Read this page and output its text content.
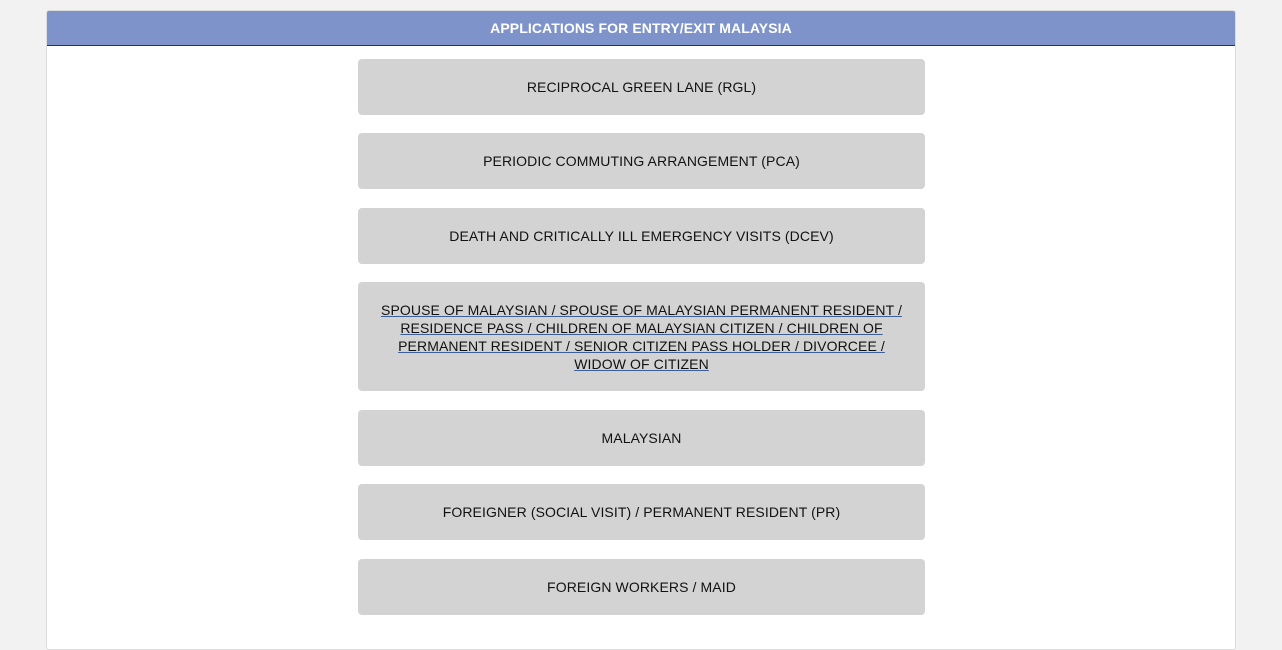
APPLICATIONS FOR ENTRY/EXIT MALAYSIA
RECIPROCAL GREEN LANE (RGL)
PERIODIC COMMUTING ARRANGEMENT (PCA)
DEATH AND CRITICALLY ILL EMERGENCY VISITS (DCEV)
SPOUSE OF MALAYSIAN / SPOUSE OF MALAYSIAN PERMANENT RESIDENT / RESIDENCE PASS / CHILDREN OF MALAYSIAN CITIZEN / CHILDREN OF PERMANENT RESIDENT / SENIOR CITIZEN PASS HOLDER / DIVORCEE / WIDOW OF CITIZEN
MALAYSIAN
FOREIGNER (SOCIAL VISIT) / PERMANENT RESIDENT (PR)
FOREIGN WORKERS / MAID
